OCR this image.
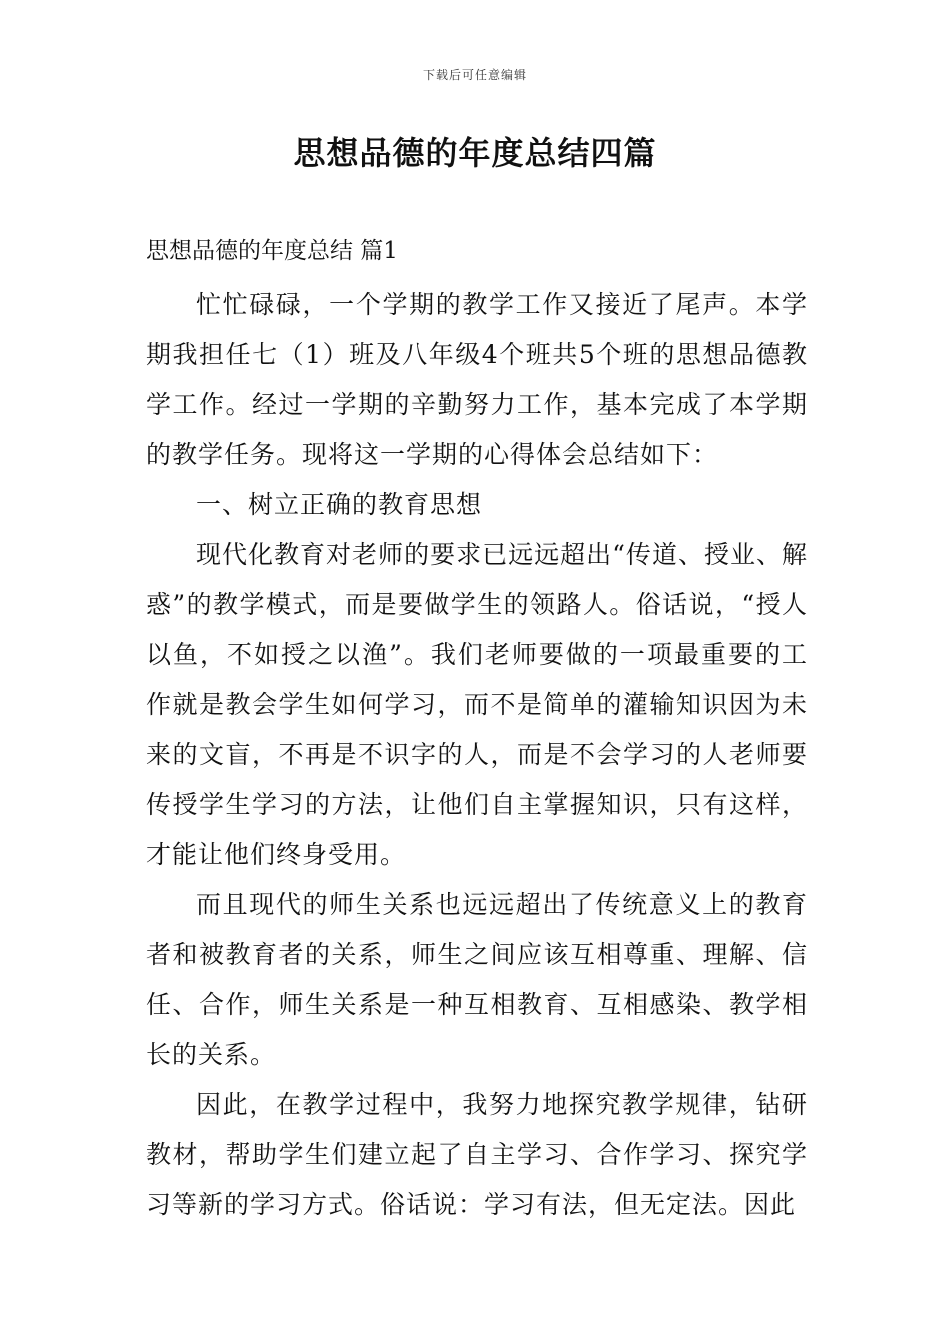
下载后可任意编辑
思想品德的年度总结四篇
思想品德的年度总结 篇1

忙忙碌碌，一个学期的教学工作又接近了尾声。本学期我担任七（1）班及八年级4个班共5个班的思想品德教学工作。经过一学期的辛勤努力工作，基本完成了本学期的教学任务。现将这一学期的心得体会总结如下：

一、树立正确的教育思想

现代化教育对老师的要求已远远超出“传道、授业、解惑”的教学模式，而是要做学生的领路人。俗话说，“授人以鱼，不如授之以渔”。我们老师要做的一项最重要的工作就是教会学生如何学习，而不是简单的灌输知识因为未来的文盲，不再是不识字的人，而是不会学习的人老师要传授学生学习的方法，让他们自主掌握知识，只有这样，才能让他们终身受用。

而且现代的师生关系也远远超出了传统意义上的教育者和被教育者的关系，师生之间应该互相尊重、理解、信任、合作，师生关系是一种互相教育、互相感染、教学相长的关系。

因此，在教学过程中，我努力地探究教学规律，钻研教材，帮助学生们建立起了自主学习、合作学习、探究学习等新的学习方式。俗话说：学习有法，但无定法。因此
